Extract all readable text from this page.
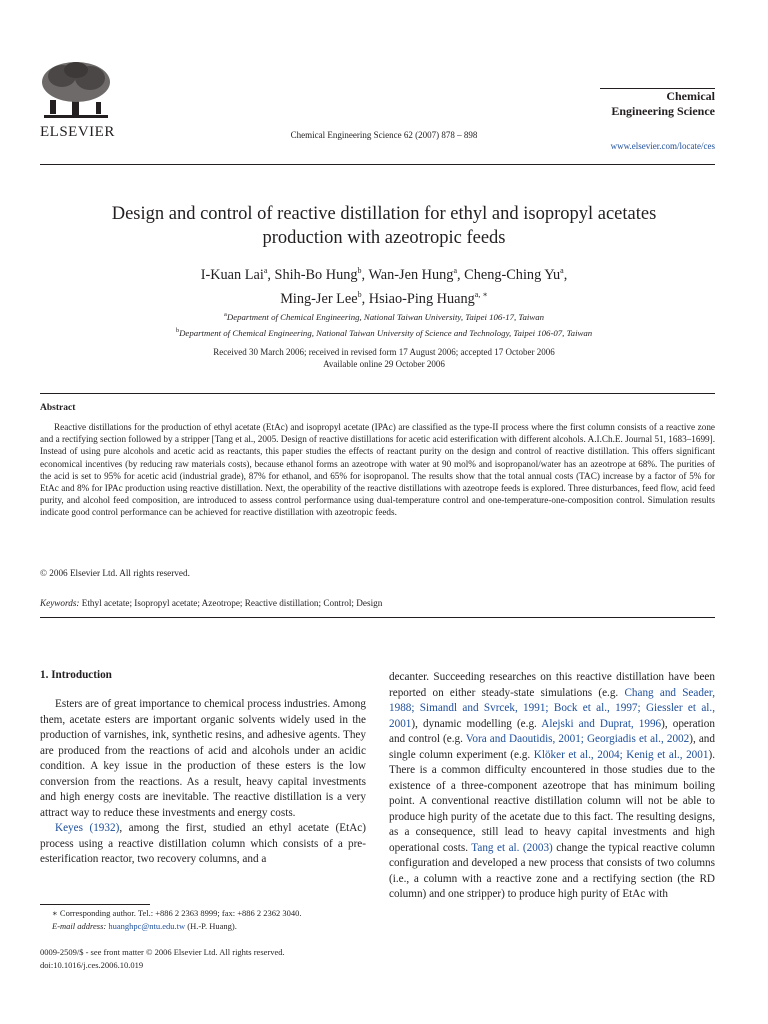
ELSEVIER	Chemical Engineering Science 62 (2007) 878 – 898
Chemical
Engineering Science
www.elsevier.com/locate/ces
Design and control of reactive distillation for ethyl and isopropyl acetates
production with azeotropic feeds
I-Kuan Lai$^a$, Shih-Bo Hung$^b$, Wan-Jen Hung$^a$, Cheng-Ching Yu$^a$,
Ming-Jer Lee$^b$, Hsiao-Ping Huang$^{a, ∗}$
$^a$Department of Chemical Engineering, National Taiwan University, Taipei 106-17, Taiwan
$^b$Department of Chemical Engineering, National Taiwan University of Science and Technology, Taipei 106-07, Taiwan
Received 30 March 2006; received in revised form 17 August 2006; accepted 17 October 2006
Available online 29 October 2006
Abstract
Reactive distillations for the production of ethyl acetate (EtAc) and isopropyl acetate (IPAc) are classified as the type-II process where the first column consists of a reactive zone and a rectifying section followed by a stripper [Tang et al., 2005. Design of reactive distillations for acetic acid esterification with different alcohols. A.I.Ch.E. Journal 51, 1683–1699]. Instead of using pure alcohols and acetic acid as reactants, this paper studies the effects of reactant purity on the design and control of reactive distillation. This offers significant economical incentives (by reducing raw materials costs), because ethanol forms an azeotrope with water at 90 mol% and isopropanol/water has an azeotrope at 68%. The purities of the acid is set to 95% for acetic acid (industrial grade), 87% for ethanol, and 65% for isopropanol. The results show that the total annual costs (TAC) increase by a factor of 5% for EtAc and 8% for IPAc production using reactive distillation. Next, the operability of the reactive distillations with azeotrope feeds is explored. Three disturbances, feed flow, acid feed purity, and alcohol feed composition, are introduced to assess control performance using dual-temperature control and one-temperature-one-composition control. Simulation results indicate good control performance can be achieved for reactive distillation with azeotropic feeds.
© 2006 Elsevier Ltd. All rights reserved.
Keywords: Ethyl acetate; Isopropyl acetate; Azeotrope; Reactive distillation; Control; Design
1. Introduction
Esters are of great importance to chemical process industries. Among them, acetate esters are important organic solvents widely used in the production of varnishes, ink, synthetic resins, and adhesive agents. They are produced from the reactions of acid and alcohols under an acidic condition. A key issue in the production of these esters is the low conversion from the reactions. As a result, heavy capital investments and high energy costs are inevitable. The reactive distillation is a very attract way to reduce these investments and energy costs.
Keyes (1932), among the first, studied an ethyl acetate (EtAc) process using a reactive distillation column which consists of a pre-esterification reactor, two recovery columns, and a
decanter. Succeeding researches on this reactive distillation have been reported on either steady-state simulations (e.g. Chang and Seader, 1988; Simandl and Svrcek, 1991; Bock et al., 1997; Giessler et al., 2001), dynamic modelling (e.g. Alejski and Duprat, 1996), operation and control (e.g. Vora and Daoutidis, 2001; Georgiadis et al., 2002), and single column experiment (e.g. Klöker et al., 2004; Kenig et al., 2001). There is a common difficulty encountered in those studies due to the existence of a three-component azeotrope that has minimum boiling point. A conventional reactive distillation column will not be able to produce high purity of the acetate due to this fact. The resulting designs, as a consequence, still lead to heavy capital investments and high operational costs. Tang et al. (2003) change the typical reactive column configuration and developed a new process that consists of two columns (i.e., a column with a reactive zone and a rectifying section (the RD column) and one stripper) to produce high purity of EtAc with
∗ Corresponding author. Tel.: +886 2 2363 8999; fax: +886 2 2362 3040.
E-mail address: huanghpc@ntu.edu.tw (H.-P. Huang).
0009-2509/$ - see front matter © 2006 Elsevier Ltd. All rights reserved.
doi:10.1016/j.ces.2006.10.019
